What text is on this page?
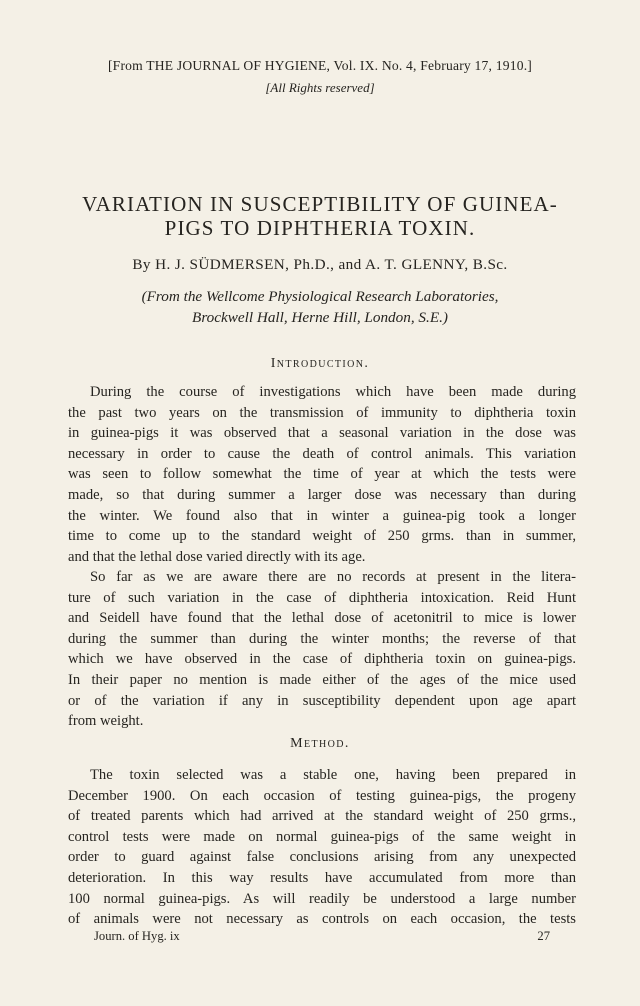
[From THE JOURNAL OF HYGIENE, Vol. IX. No. 4, February 17, 1910.]
[All Rights reserved]
VARIATION IN SUSCEPTIBILITY OF GUINEA-
PIGS TO DIPHTHERIA TOXIN.
By H. J. SÜDMERSEN, Ph.D., and A. T. GLENNY, B.Sc.
(From the Wellcome Physiological Research Laboratories,
Brockwell Hall, Herne Hill, London, S.E.)
Introduction.
During the course of investigations which have been made during
the past two years on the transmission of immunity to diphtheria toxin
in guinea-pigs it was observed that a seasonal variation in the dose was
necessary in order to cause the death of control animals. This variation
was seen to follow somewhat the time of year at which the tests were
made, so that during summer a larger dose was necessary than during
the winter. We found also that in winter a guinea-pig took a longer
time to come up to the standard weight of 250 grms. than in summer,
and that the lethal dose varied directly with its age.
So far as we are aware there are no records at present in the litera-
ture of such variation in the case of diphtheria intoxication. Reid Hunt
and Seidell have found that the lethal dose of acetonitril to mice is lower
during the summer than during the winter months; the reverse of that
which we have observed in the case of diphtheria toxin on guinea-pigs.
In their paper no mention is made either of the ages of the mice used
or of the variation if any in susceptibility dependent upon age apart
from weight.
Method.
The toxin selected was a stable one, having been prepared in
December 1900. On each occasion of testing guinea-pigs, the progeny
of treated parents which had arrived at the standard weight of 250 grms.,
control tests were made on normal guinea-pigs of the same weight in
order to guard against false conclusions arising from any unexpected
deterioration. In this way results have accumulated from more than
100 normal guinea-pigs. As will readily be understood a large number
of animals were not necessary as controls on each occasion, the tests
Journ. of Hyg. ix	27
